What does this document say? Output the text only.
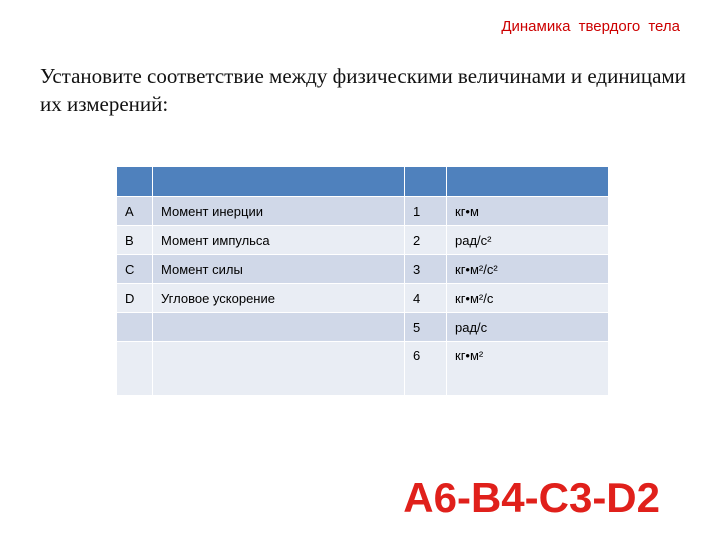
Динамика твердого тела
Установите соответствие между физическими величинами и единицами их измерений:

А	Момент инерции	1	кг•м
В	Момент импульса	2	рад/с²
С	Момент силы	3	кг•м²/с²
D	Угловое ускорение	4	кг•м²/с
		5	рад/с
		6	кг•м²
А6-В4-С3-D2
